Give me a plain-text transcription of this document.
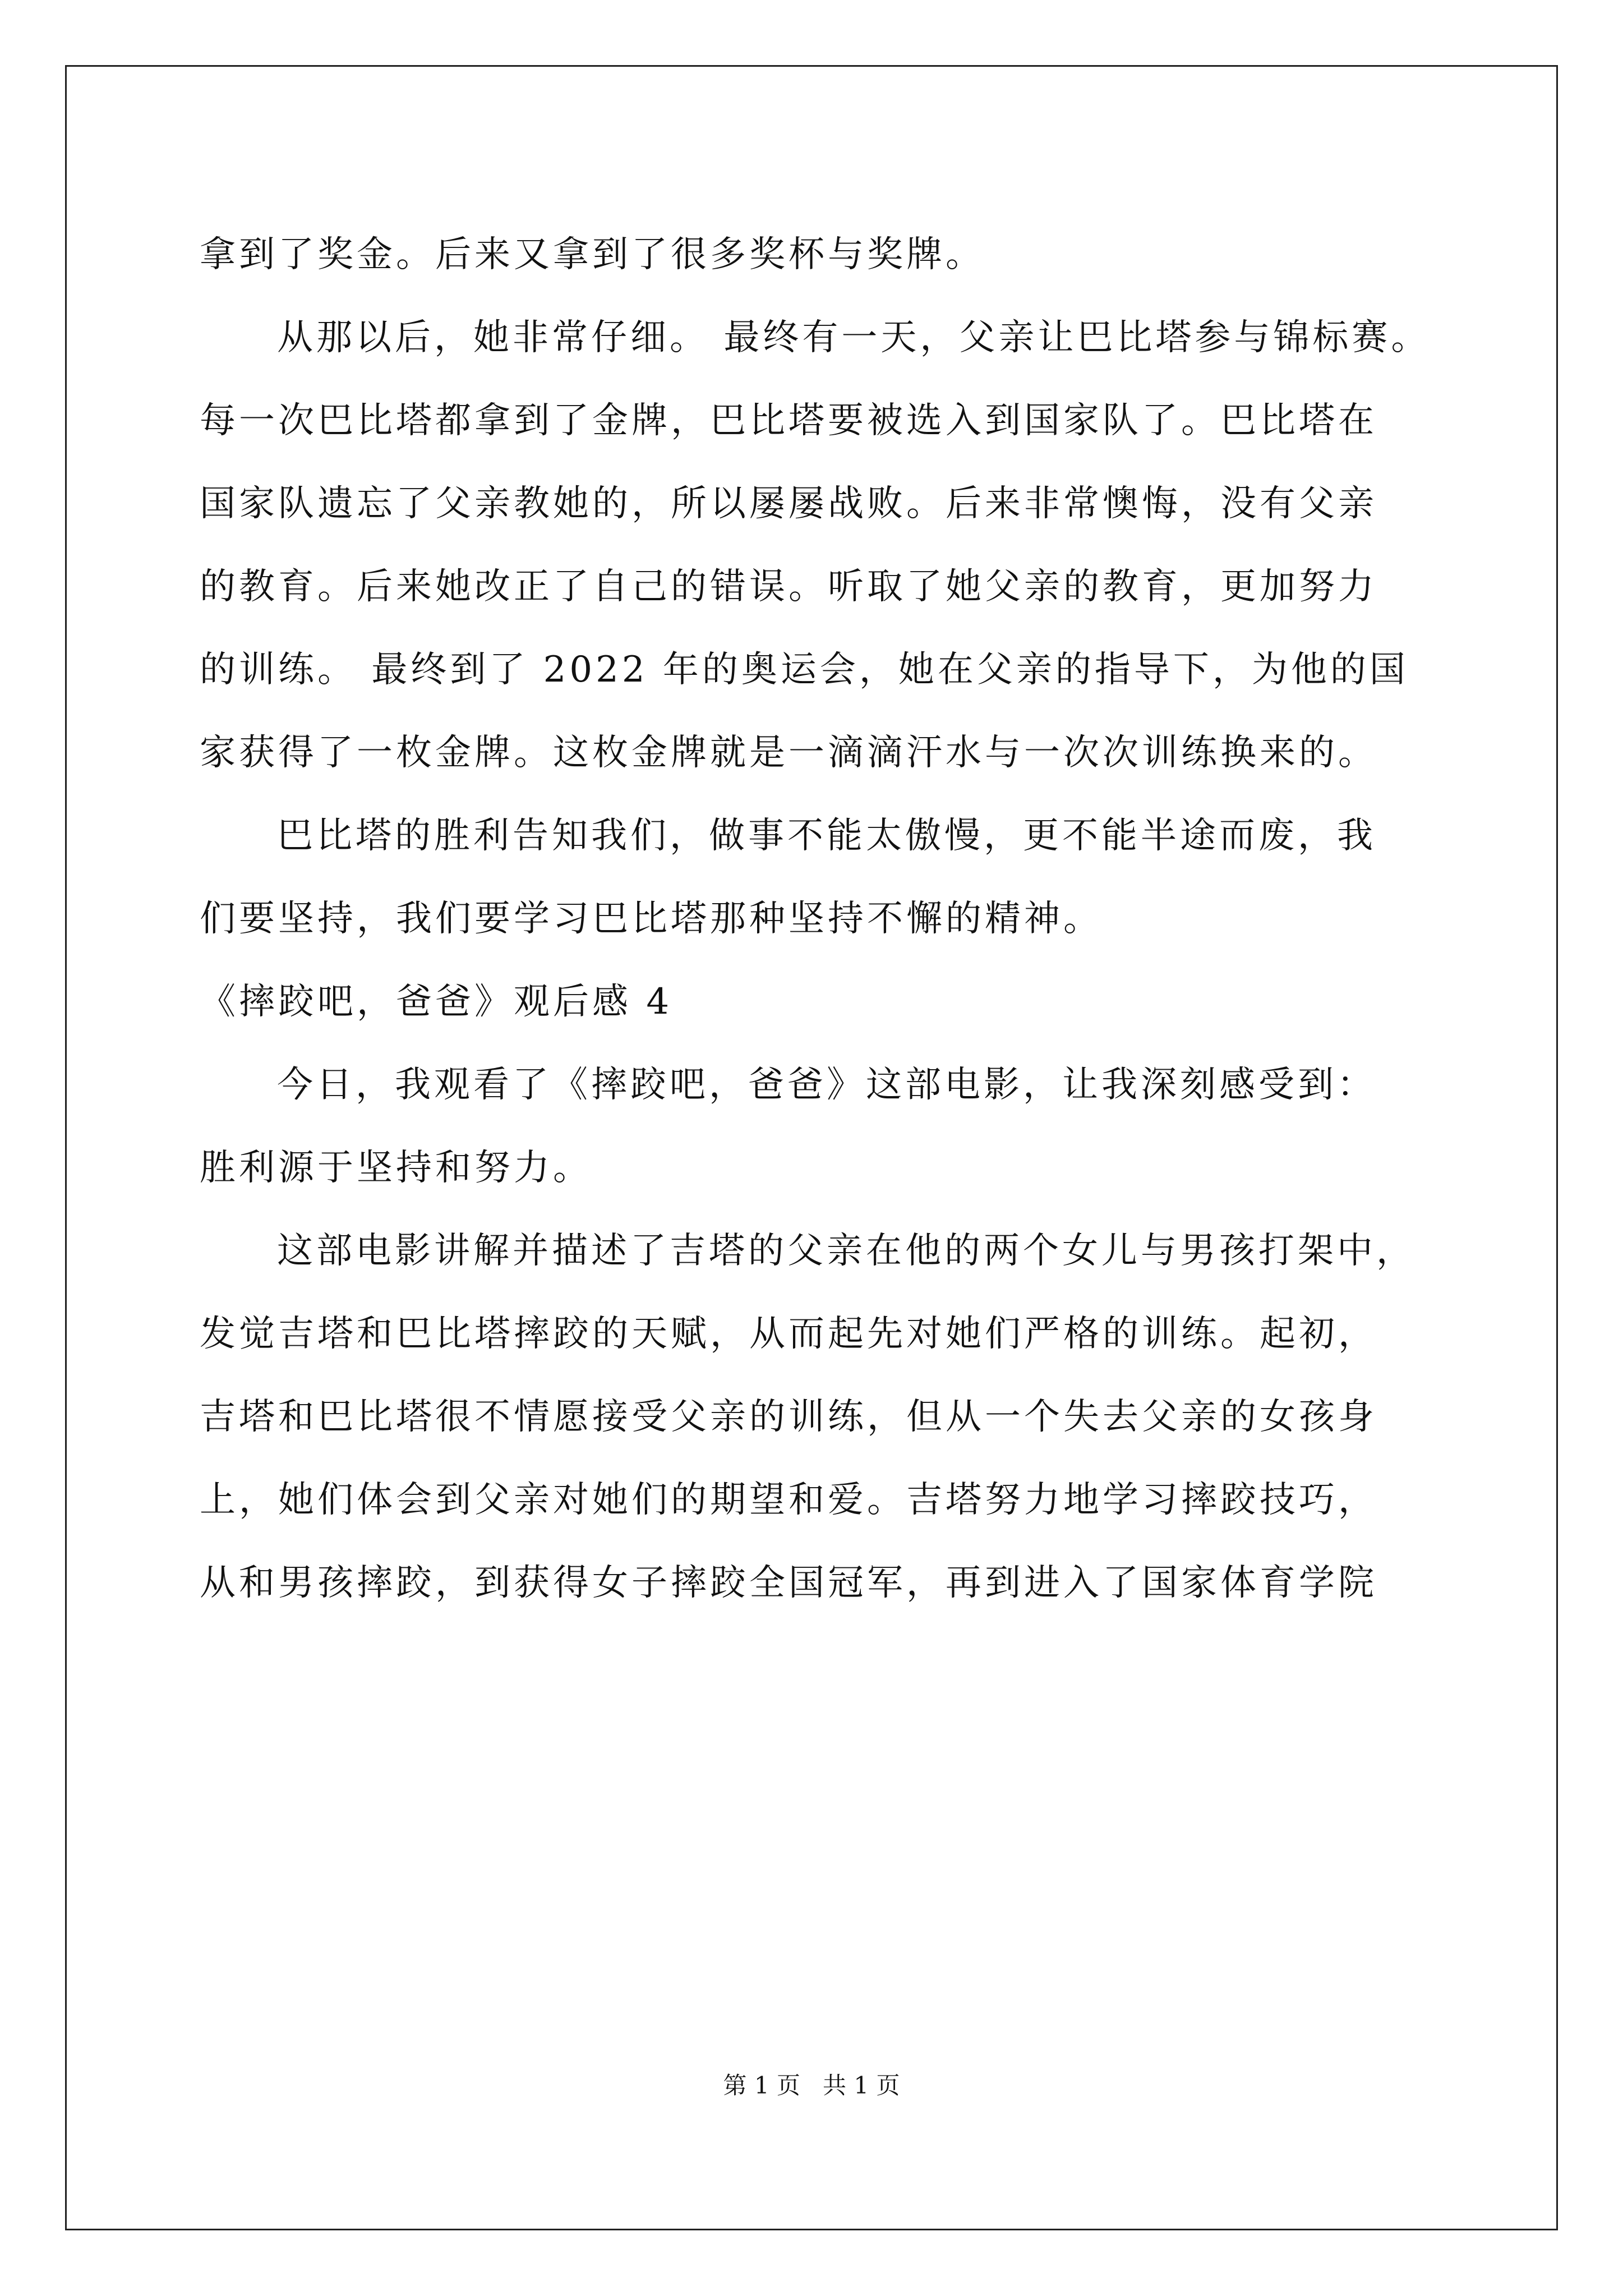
拿到了奖金。后来又拿到了很多奖杯与奖牌。
从那以后，她非常仔细。 最终有一天，父亲让巴比塔参与锦标赛。
每一次巴比塔都拿到了金牌，巴比塔要被选入到国家队了。巴比塔在
国家队遗忘了父亲教她的，所以屡屡战败。后来非常懊悔，没有父亲
的教育。后来她改正了自己的错误。听取了她父亲的教育，更加努力
的训练。 最终到了 2022 年的奥运会，她在父亲的指导下，为他的国
家获得了一枚金牌。这枚金牌就是一滴滴汗水与一次次训练换来的。
巴比塔的胜利告知我们，做事不能太傲慢，更不能半途而废，我
们要坚持，我们要学习巴比塔那种坚持不懈的精神。
《摔跤吧，爸爸》观后感 4
今日，我观看了《摔跤吧，爸爸》这部电影，让我深刻感受到：
胜利源于坚持和努力。
这部电影讲解并描述了吉塔的父亲在他的两个女儿与男孩打架中，
发觉吉塔和巴比塔摔跤的天赋，从而起先对她们严格的训练。起初，
吉塔和巴比塔很不情愿接受父亲的训练，但从一个失去父亲的女孩身
上，她们体会到父亲对她们的期望和爱。吉塔努力地学习摔跤技巧，
从和男孩摔跤，到获得女子摔跤全国冠军，再到进入了国家体育学院
第 1 页   共 1 页
